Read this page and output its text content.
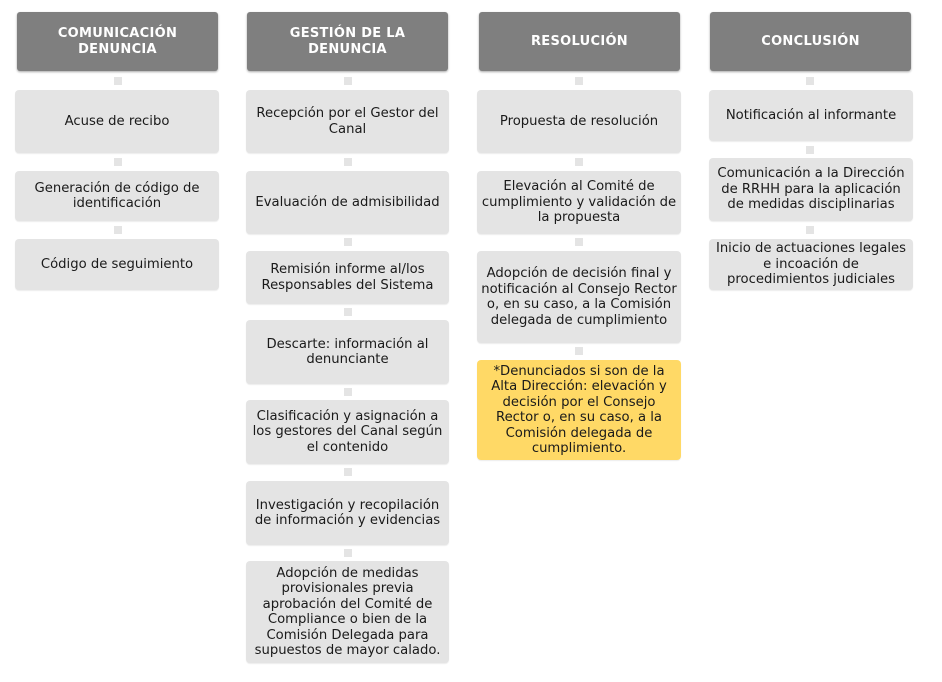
COMUNICACIÓN DENUNCIA
Acuse de recibo
Generación de código de identificación
Código de seguimiento
GESTIÓN DE LA DENUNCIA
Recepción por el Gestor del Canal
Evaluación de admisibilidad
Remisión informe al/los Responsables del Sistema
Descarte: información al denunciante
Clasificación y asignación a los gestores del Canal según el contenido
Investigación y recopilación de información y evidencias
Adopción de medidas provisionales previa aprobación del Comité de Compliance o bien de la Comisión Delegada para supuestos de mayor calado.
RESOLUCIÓN
Propuesta de resolución
Elevación al Comité de cumplimiento y validación de la propuesta
Adopción de decisión final y notificación al Consejo Rector o, en su caso, a la Comisión delegada de cumplimiento
*Denunciados si son de la Alta Dirección: elevación y decisión por el Consejo Rector o, en su caso, a la Comisión delegada de cumplimiento.
CONCLUSIÓN
Notificación al informante
Comunicación a la Dirección de RRHH para la aplicación de medidas disciplinarias
Inicio de actuaciones legales e incoación de procedimientos judiciales
